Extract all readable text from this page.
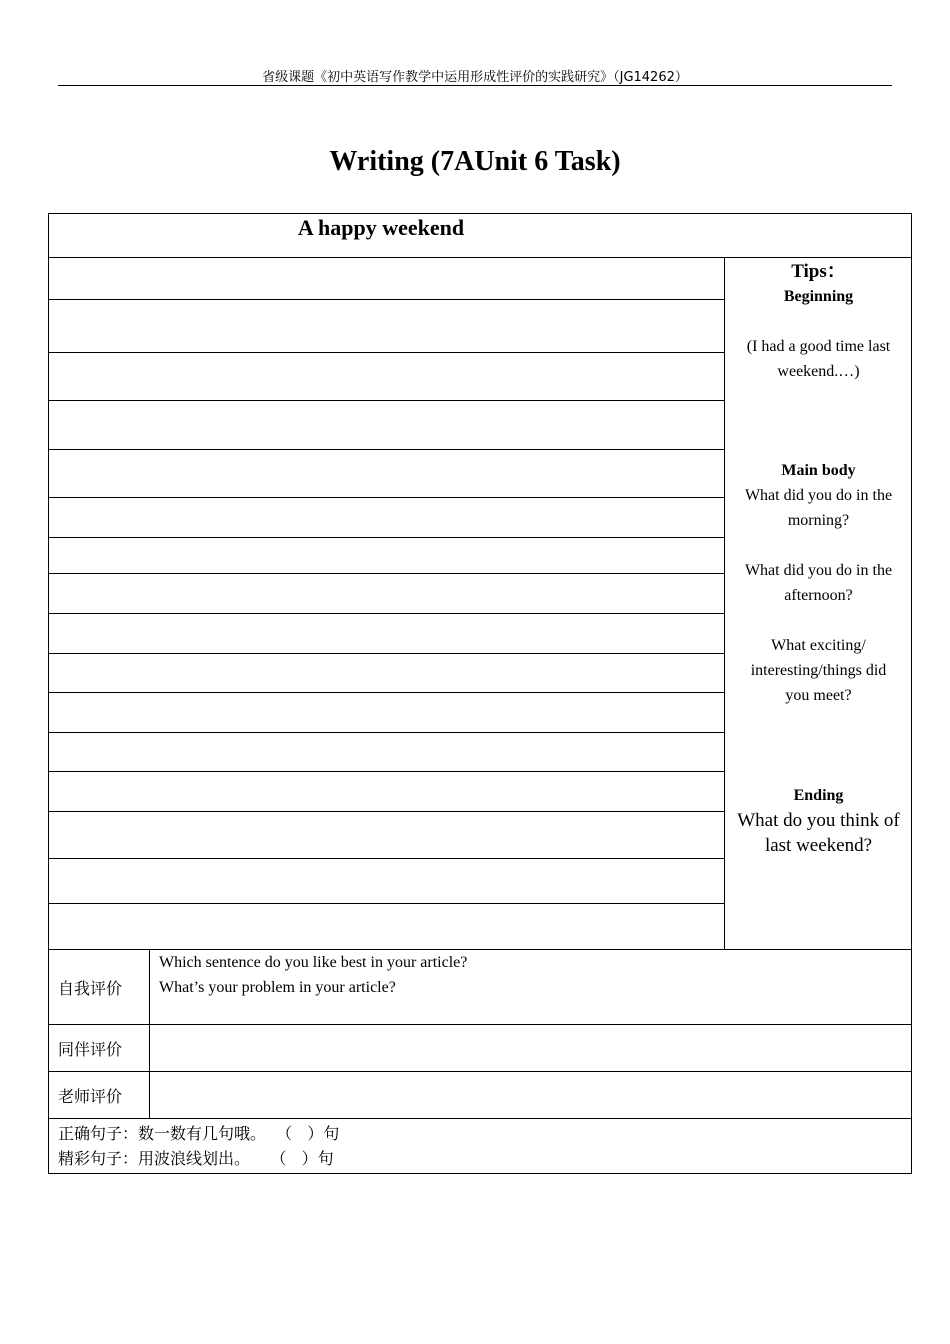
省级课题《初中英语写作教学中运用形成性评价的实践研究》（JG14262）
Writing (7AUnit 6 Task)
A happy weekend
Tips：
Beginning
(I had a good time last weekend.…)
Main body
What did you do in the morning?
What did you do in the afternoon?
What exciting/ interesting/things did you meet?
Ending
What do you think of last weekend?
自我评价
Which sentence do you like best in your article?
What’s your problem in your article?
同伴评价
老师评价
正确句子：数一数有几句哦。  （   ）句
精彩句子：用波浪线划出。    （   ）句
